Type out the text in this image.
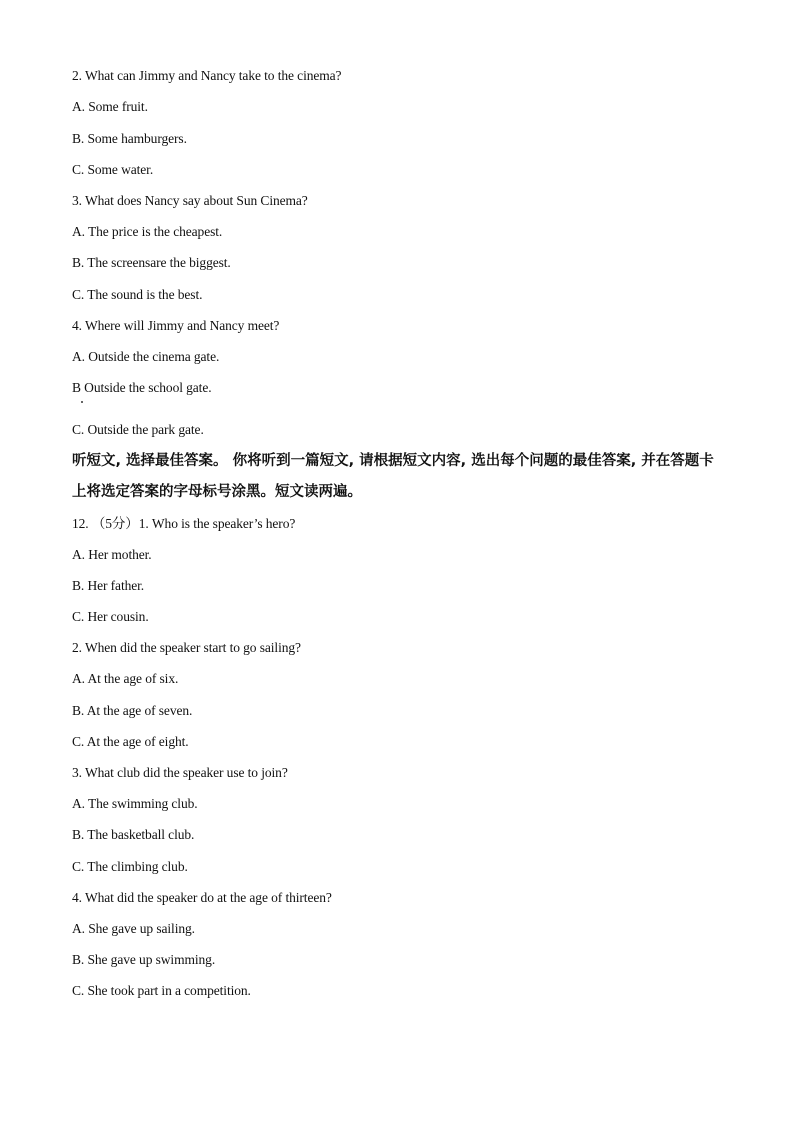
2. What can Jimmy and Nancy take to the cinema?
A. Some fruit.
B. Some hamburgers.
C. Some water.
3. What does Nancy say about Sun Cinema?
A. The price is the cheapest.
B. The screensare the biggest.
C. The sound is the best.
4. Where will Jimmy and Nancy meet?
A. Outside the cinema gate.
B Outside the school gate.
C. Outside the park gate.
听短文, 选择最佳答案。 你将听到一篇短文, 请根据短文内容, 选出每个问题的最佳答案, 并在答题卡上将选定答案的字母标号涂黑。短文读两遍。
12. （5分）1. Who is the speaker’s hero?
A. Her mother.
B. Her father.
C. Her cousin.
2. When did the speaker start to go sailing?
A. At the age of six.
B. At the age of seven.
C. At the age of eight.
3. What club did the speaker use to join?
A. The swimming club.
B. The basketball club.
C. The climbing club.
4. What did the speaker do at the age of thirteen?
A. She gave up sailing.
B. She gave up swimming.
C. She took part in a competition.
